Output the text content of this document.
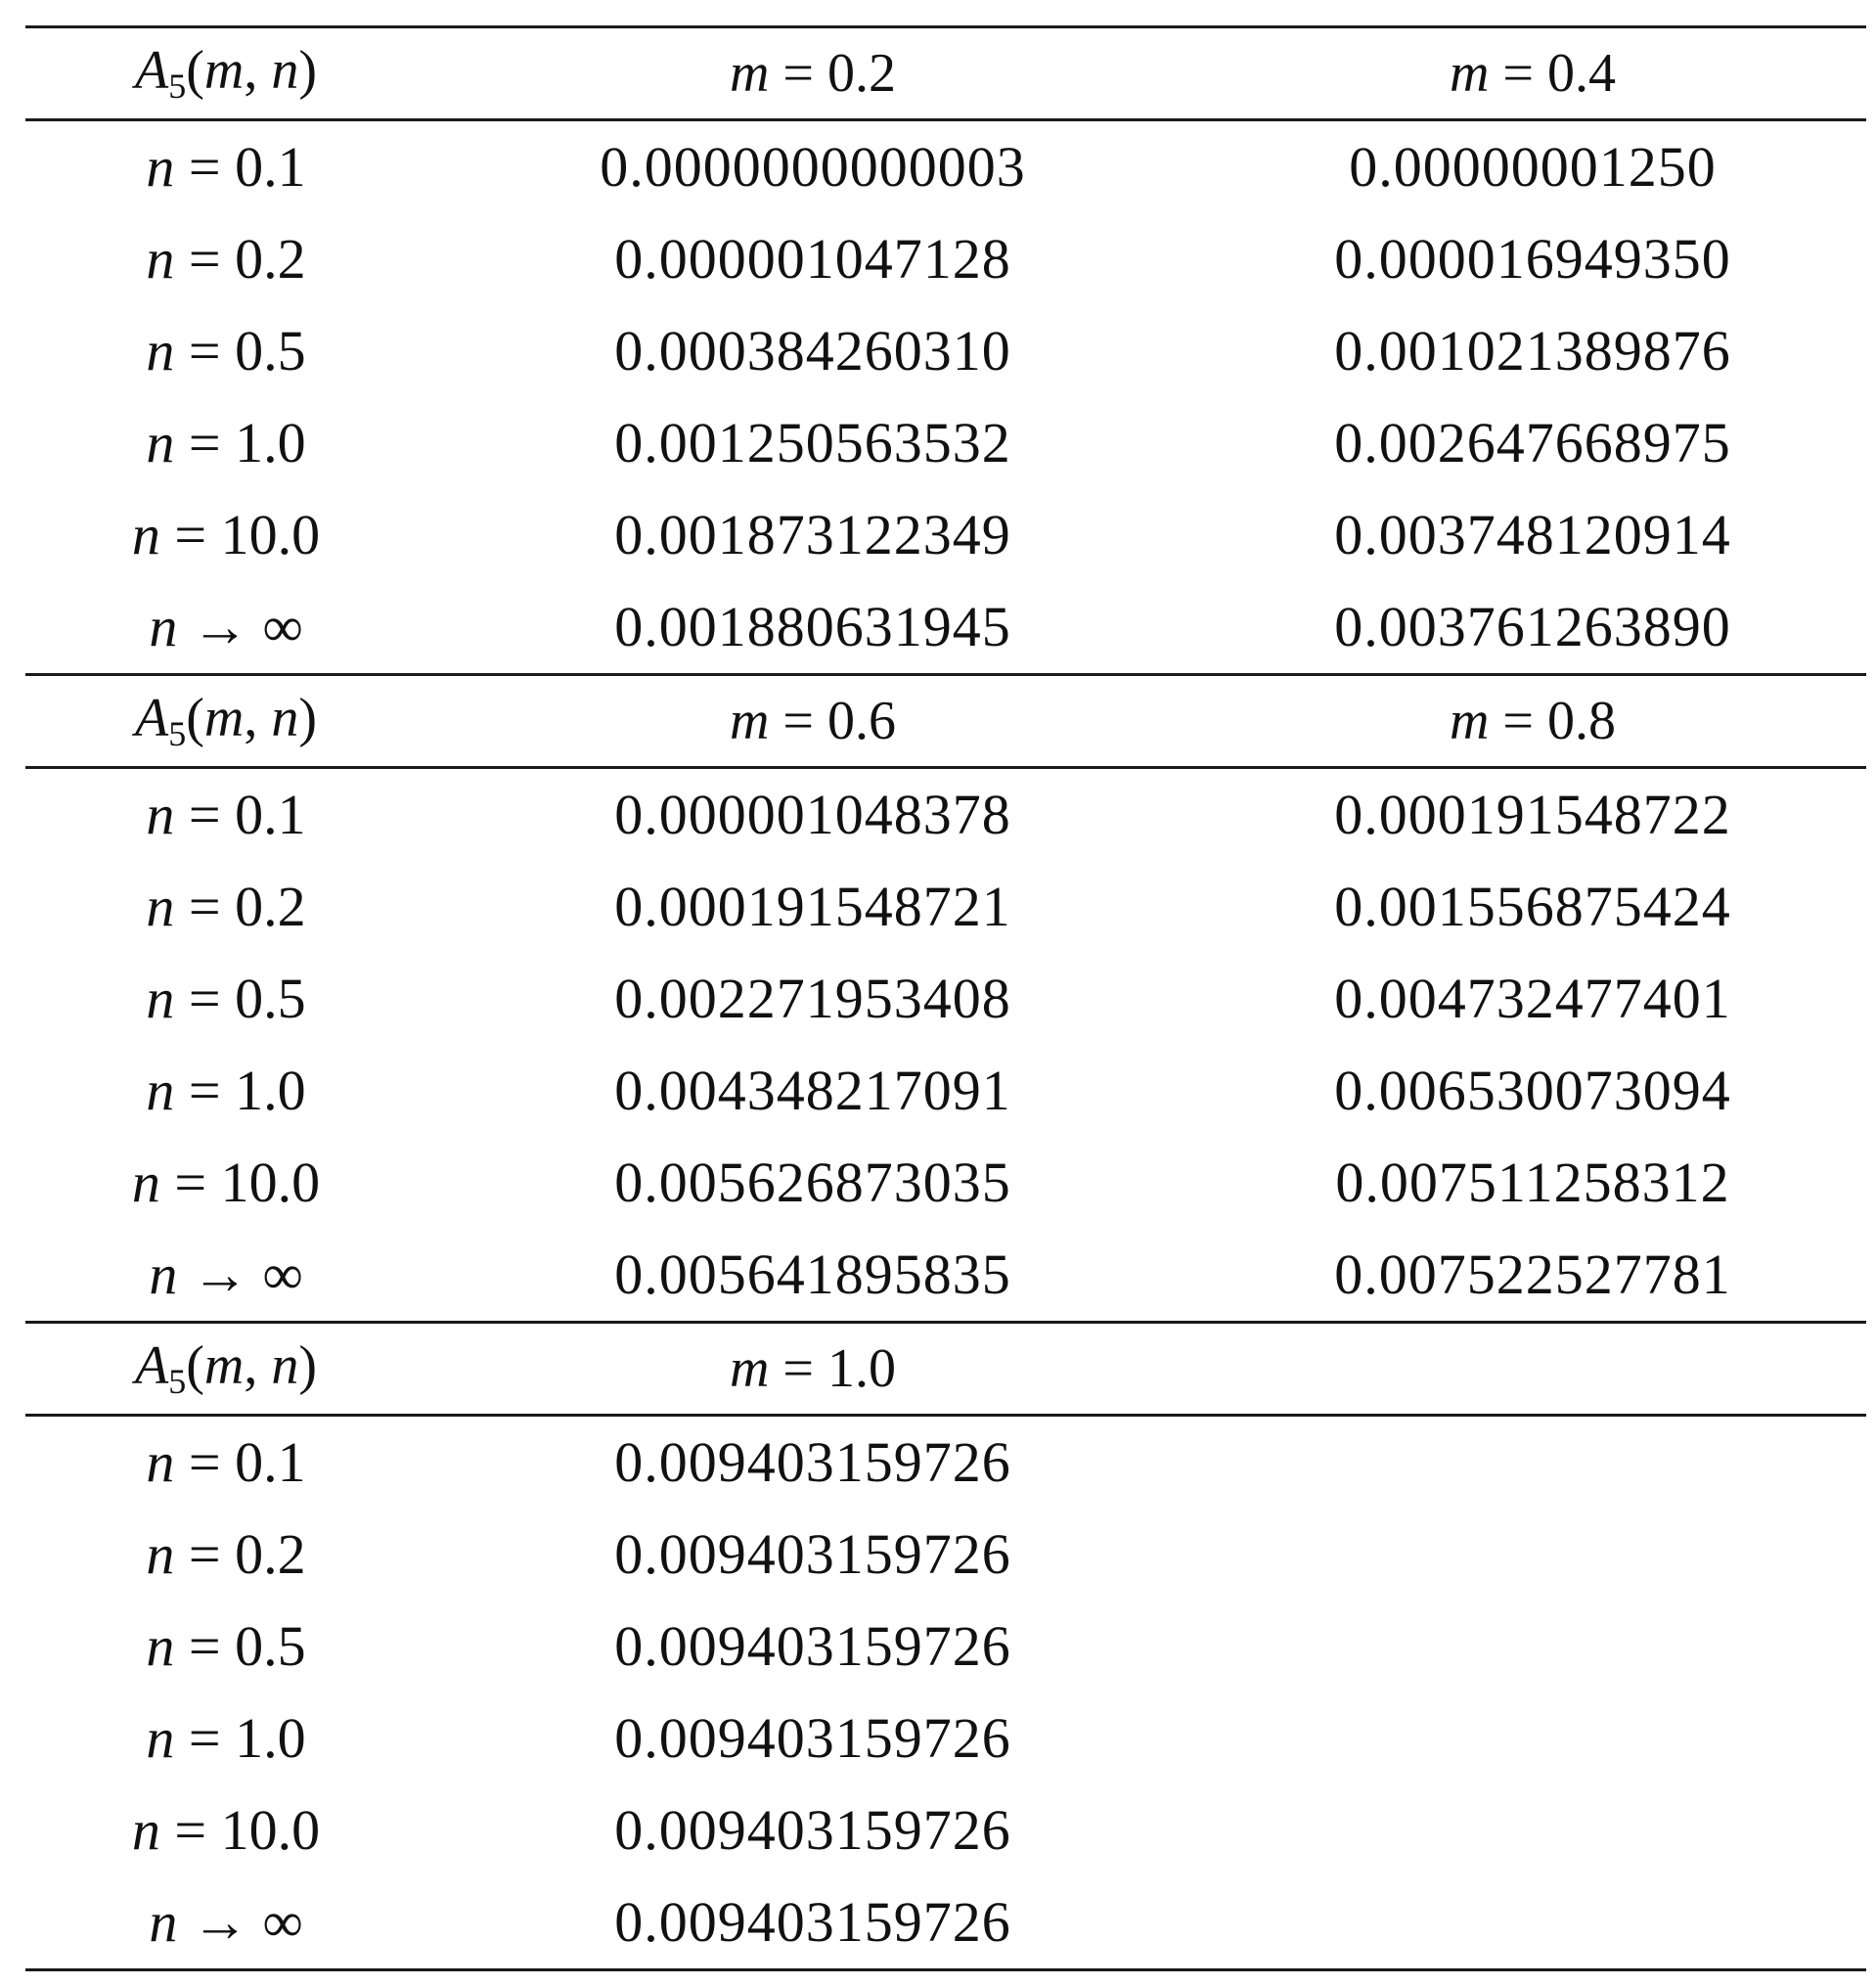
$A_5(m$, n)	m = 0.2	m = 0.4
n = 0.1	0.0000000000003	0.00000001250
n = 0.2	0.000001047128	0.000016949350
n = 0.5	0.000384260310	0.001021389876
n = 1.0	0.001250563532	0.002647668975
n = 10.0	0.001873122349	0.003748120914
n → ∞	0.001880631945	0.003761263890
$A_5(m$, n)	m = 0.6	m = 0.8
n = 0.1	0.000001048378	0.000191548722
n = 0.2	0.000191548721	0.001556875424
n = 0.5	0.002271953408	0.004732477401
n = 1.0	0.004348217091	0.006530073094
n = 10.0	0.005626873035	0.007511258312
n → ∞	0.005641895835	0.007522527781
$A_5(m$, n)	m = 1.0
n = 0.1	0.009403159726
n = 0.2	0.009403159726
n = 0.5	0.009403159726
n = 1.0	0.009403159726
n = 10.0	0.009403159726
n → ∞	0.009403159726
